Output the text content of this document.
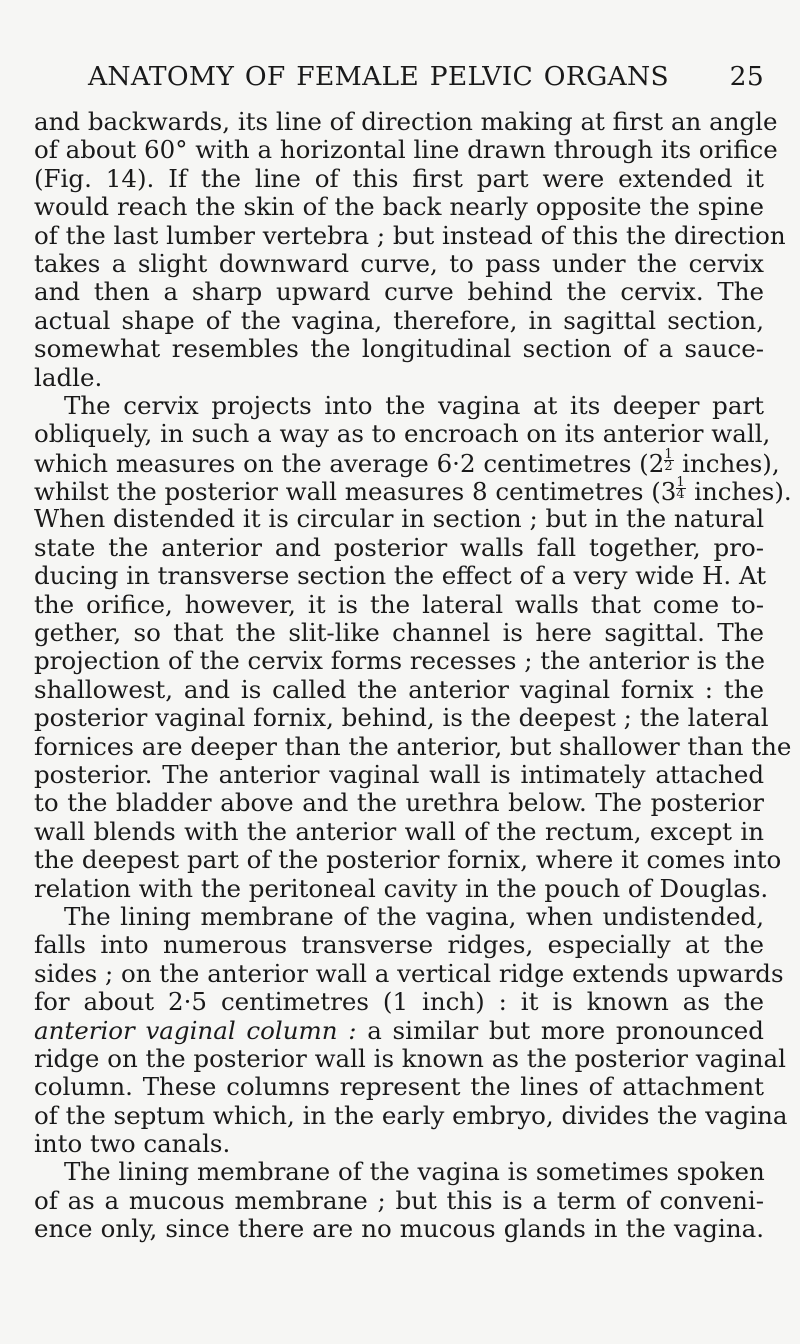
ANATOMY OF FEMALE PELVIC ORGANS 25
and backwards, its line of direction making at first an angle
of about 60° with a horizontal line drawn through its orifice
(Fig. 14). If the line of this first part were extended it
would reach the skin of the back nearly opposite the spine
of the last lumber vertebra ; but instead of this the direction
takes a slight downward curve, to pass under the cervix
and then a sharp upward curve behind the cervix. The
actual shape of the vagina, therefore, in sagittal section,
somewhat resembles the longitudinal section of a sauce-
ladle.
The cervix projects into the vagina at its deeper part
obliquely, in such a way as to encroach on its anterior wall,
which measures on the average 6·2 centimetres ($2 \frac{1}{2}$ inches),
whilst the posterior wall measures 8 centimetres ($3 \frac{1}{4}$ inches).
When distended it is circular in section ; but in the natural
state the anterior and posterior walls fall together, pro-
ducing in transverse section the effect of a very wide H. At
the orifice, however, it is the lateral walls that come to-
gether, so that the slit-like channel is here sagittal. The
projection of the cervix forms recesses ; the anterior is the
shallowest, and is called the anterior vaginal fornix : the
posterior vaginal fornix, behind, is the deepest ; the lateral
fornices are deeper than the anterior, but shallower than the
posterior. The anterior vaginal wall is intimately attached
to the bladder above and the urethra below. The posterior
wall blends with the anterior wall of the rectum, except in
the deepest part of the posterior fornix, where it comes into
relation with the peritoneal cavity in the pouch of Douglas.
The lining membrane of the vagina, when undistended,
falls into numerous transverse ridges, especially at the
sides ; on the anterior wall a vertical ridge extends upwards
for about 2·5 centimetres (1 inch) : it is known as the
anterior vaginal column : a similar but more pronounced
ridge on the posterior wall is known as the posterior vaginal
column. These columns represent the lines of attachment
of the septum which, in the early embryo, divides the vagina
into two canals.
The lining membrane of the vagina is sometimes spoken
of as a mucous membrane ; but this is a term of conveni-
ence only, since there are no mucous glands in the vagina.
